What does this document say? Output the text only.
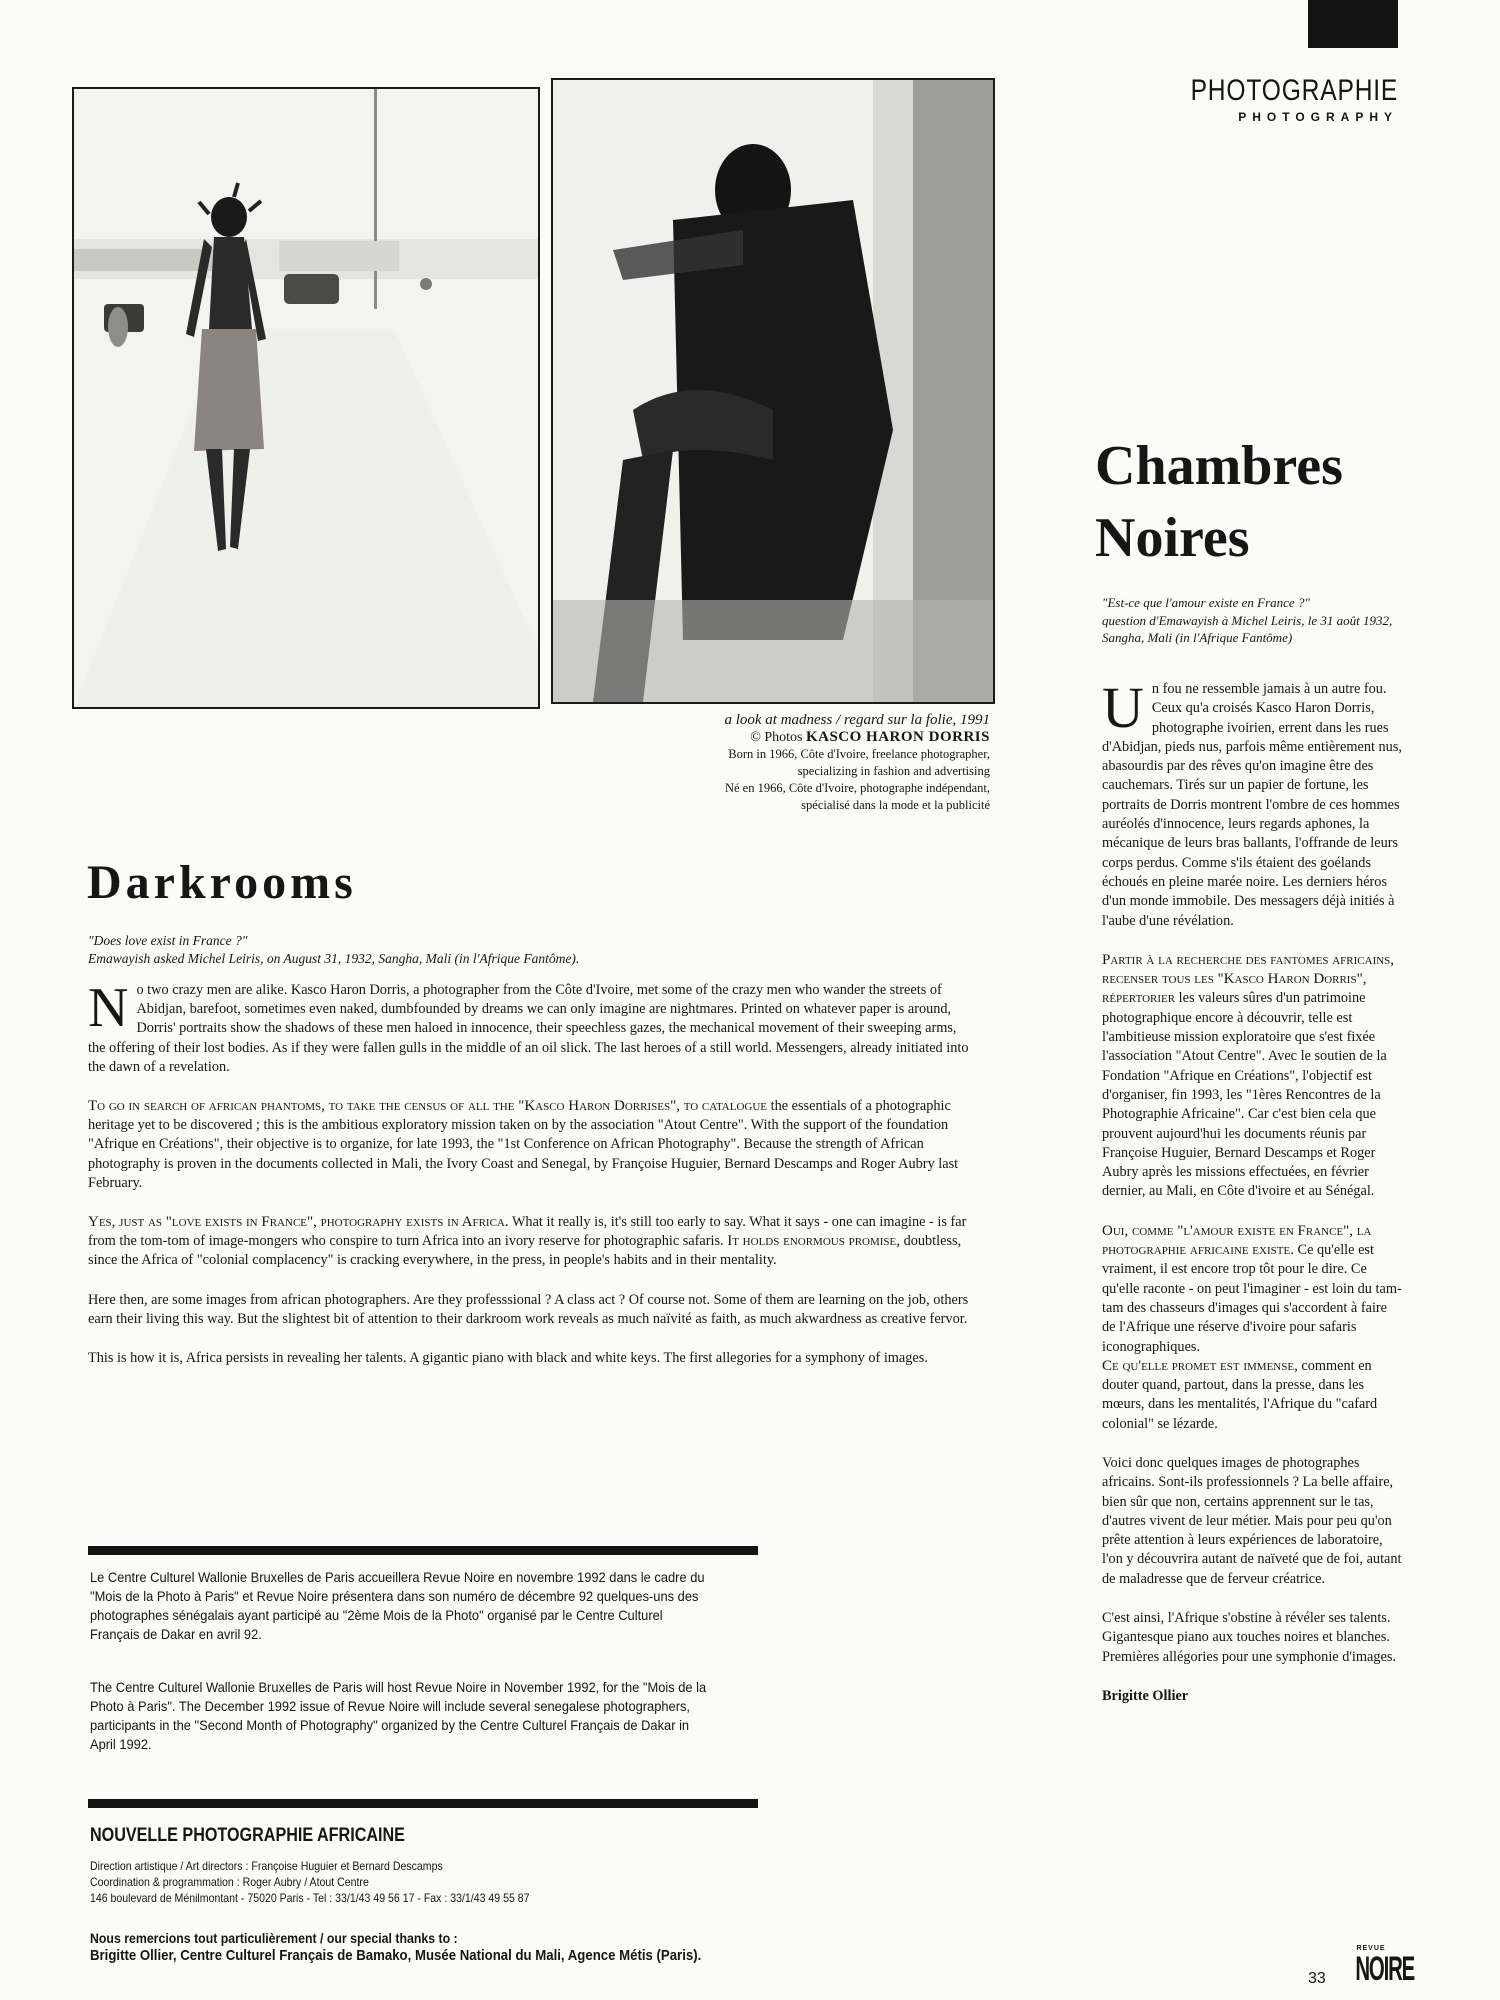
PHOTOGRAPHIE
PHOTOGRAPHY
a look at madness / regard sur la folie, 1991
© Photos KASCO HARON DORRIS
Born in 1966, Côte d'Ivoire, freelance photographer,
specializing in fashion and advertising
Né en 1966, Côte d'Ivoire, photographe indépendant,
spécialisé dans la mode et la publicité
Darkrooms
"Does love exist in France ?"
Emawayish asked Michel Leiris, on August 31, 1932, Sangha, Mali (in l'Afrique Fantôme).

No two crazy men are alike. Kasco Haron Dorris, a photographer from the Côte d'Ivoire, met some of the crazy men who wander the streets of Abidjan, barefoot, sometimes even naked, dumbfounded by dreams we can only imagine are nightmares. Printed on whatever paper is around, Dorris' portraits show the shadows of these men haloed in innocence, their speechless gazes, the mechanical movement of their sweeping arms, the offering of their lost bodies. As if they were fallen gulls in the middle of an oil slick. The last heroes of a still world. Messengers, already initiated into the dawn of a revelation.

To go in search of african phantoms, to take the census of all the "Kasco Haron Dorrises", to catalogue the essentials of a photographic heritage yet to be discovered ; this is the ambitious exploratory mission taken on by the association "Atout Centre". With the support of the foundation "Afrique en Créations", their objective is to organize, for late 1993, the "1st Conference on African Photography". Because the strength of African photography is proven in the documents collected in Mali, the Ivory Coast and Senegal, by Françoise Huguier, Bernard Descamps and Roger Aubry last February.

Yes, just as "love exists in France", photography exists in Africa. What it really is, it's still too early to say. What it says - one can imagine - is far from the tom-tom of image-mongers who conspire to turn Africa into an ivory reserve for photographic safaris. It holds enormous promise, doubtless, since the Africa of "colonial complacency" is cracking everywhere, in the press, in people's habits and in their mentality.

Here then, are some images from african photographers. Are they professsional ? A class act ? Of course not. Some of them are learning on the job, others earn their living this way. But the slightest bit of attention to their darkroom work reveals as much naïvité as faith, as much akwardness as creative fervor.

This is how it is, Africa persists in revealing her talents. A gigantic piano with black and white keys. The first allegories for a symphony of images.

Chambres
Noires
"Est-ce que l'amour existe en France ?"
question d'Emawayish à Michel Leiris, le 31 août 1932, Sangha, Mali (in l'Afrique Fantôme)

Un fou ne ressemble jamais à un autre fou. Ceux qu'a croisés Kasco Haron Dorris, photographe ivoirien, errent dans les rues d'Abidjan, pieds nus, parfois même entièrement nus, abasourdis par des rêves qu'on imagine être des cauchemars. Tirés sur un papier de fortune, les portraits de Dorris montrent l'ombre de ces hommes auréolés d'innocence, leurs regards aphones, la mécanique de leurs bras ballants, l'offrande de leurs corps perdus. Comme s'ils étaient des goélands échoués en pleine marée noire. Les derniers héros d'un monde immobile. Des messagers déjà initiés à l'aube d'une révélation.

Partir à la recherche des fantomes africains, recenser tous les "Kasco Haron Dorris", répertorier les valeurs sûres d'un patrimoine photographique encore à découvrir, telle est l'ambitieuse mission exploratoire que s'est fixée l'association "Atout Centre". Avec le soutien de la Fondation "Afrique en Créations", l'objectif est d'organiser, fin 1993, les "1ères Rencontres de la Photographie Africaine". Car c'est bien cela que prouvent aujourd'hui les documents réunis par Françoise Huguier, Bernard Descamps et Roger Aubry après les missions effectuées, en février dernier, au Mali, en Côte d'ivoire et au Sénégal.

Oui, comme "l'amour existe en France", la photographie africaine existe. Ce qu'elle est vraiment, il est encore trop tôt pour le dire. Ce qu'elle raconte - on peut l'imaginer - est loin du tam-tam des chasseurs d'images qui s'accordent à faire de l'Afrique une réserve d'ivoire pour safaris iconographiques.
Ce qu'elle promet est immense, comment en douter quand, partout, dans la presse, dans les mœurs, dans les mentalités, l'Afrique du "cafard colonial" se lézarde.

Voici donc quelques images de photographes africains. Sont-ils professionnels ? La belle affaire, bien sûr que non, certains apprennent sur le tas, d'autres vivent de leur métier. Mais pour peu qu'on prête attention à leurs expériences de laboratoire, l'on y découvrira autant de naïveté que de foi, autant de maladresse que de ferveur créatrice.

C'est ainsi, l'Afrique s'obstine à révéler ses talents. Gigantesque piano aux touches noires et blanches. Premières allégories pour une symphonie d'images.

Brigitte Ollier

Le Centre Culturel Wallonie Bruxelles de Paris accueillera Revue Noire en novembre 1992 dans le cadre du "Mois de la Photo à Paris" et Revue Noire présentera dans son numéro de décembre 92 quelques-uns des photographes sénégalais ayant participé au "2ème Mois de la Photo" organisé par le Centre Culturel Français de Dakar en avril 92.
The Centre Culturel Wallonie Bruxelles de Paris will host Revue Noire in November 1992, for the "Mois de la Photo à Paris". The December 1992 issue of Revue Noire will include several senegalese photographers, participants in the "Second Month of Photography" organized by the Centre Culturel Français de Dakar in April 1992.
NOUVELLE PHOTOGRAPHIE AFRICAINE
Direction artistique / Art directors : Françoise Huguier et Bernard Descamps
Coordination & programmation : Roger Aubry / Atout Centre
146 boulevard de Ménilmontant - 75020 Paris - Tel : 33/1/43 49 56 17 - Fax : 33/1/43 49 55 87
Nous remercions tout particulièrement / our special thanks to :
Brigitte Ollier, Centre Culturel Français de Bamako, Musée National du Mali, Agence Métis (Paris).
33
REVUE
NOIRE
